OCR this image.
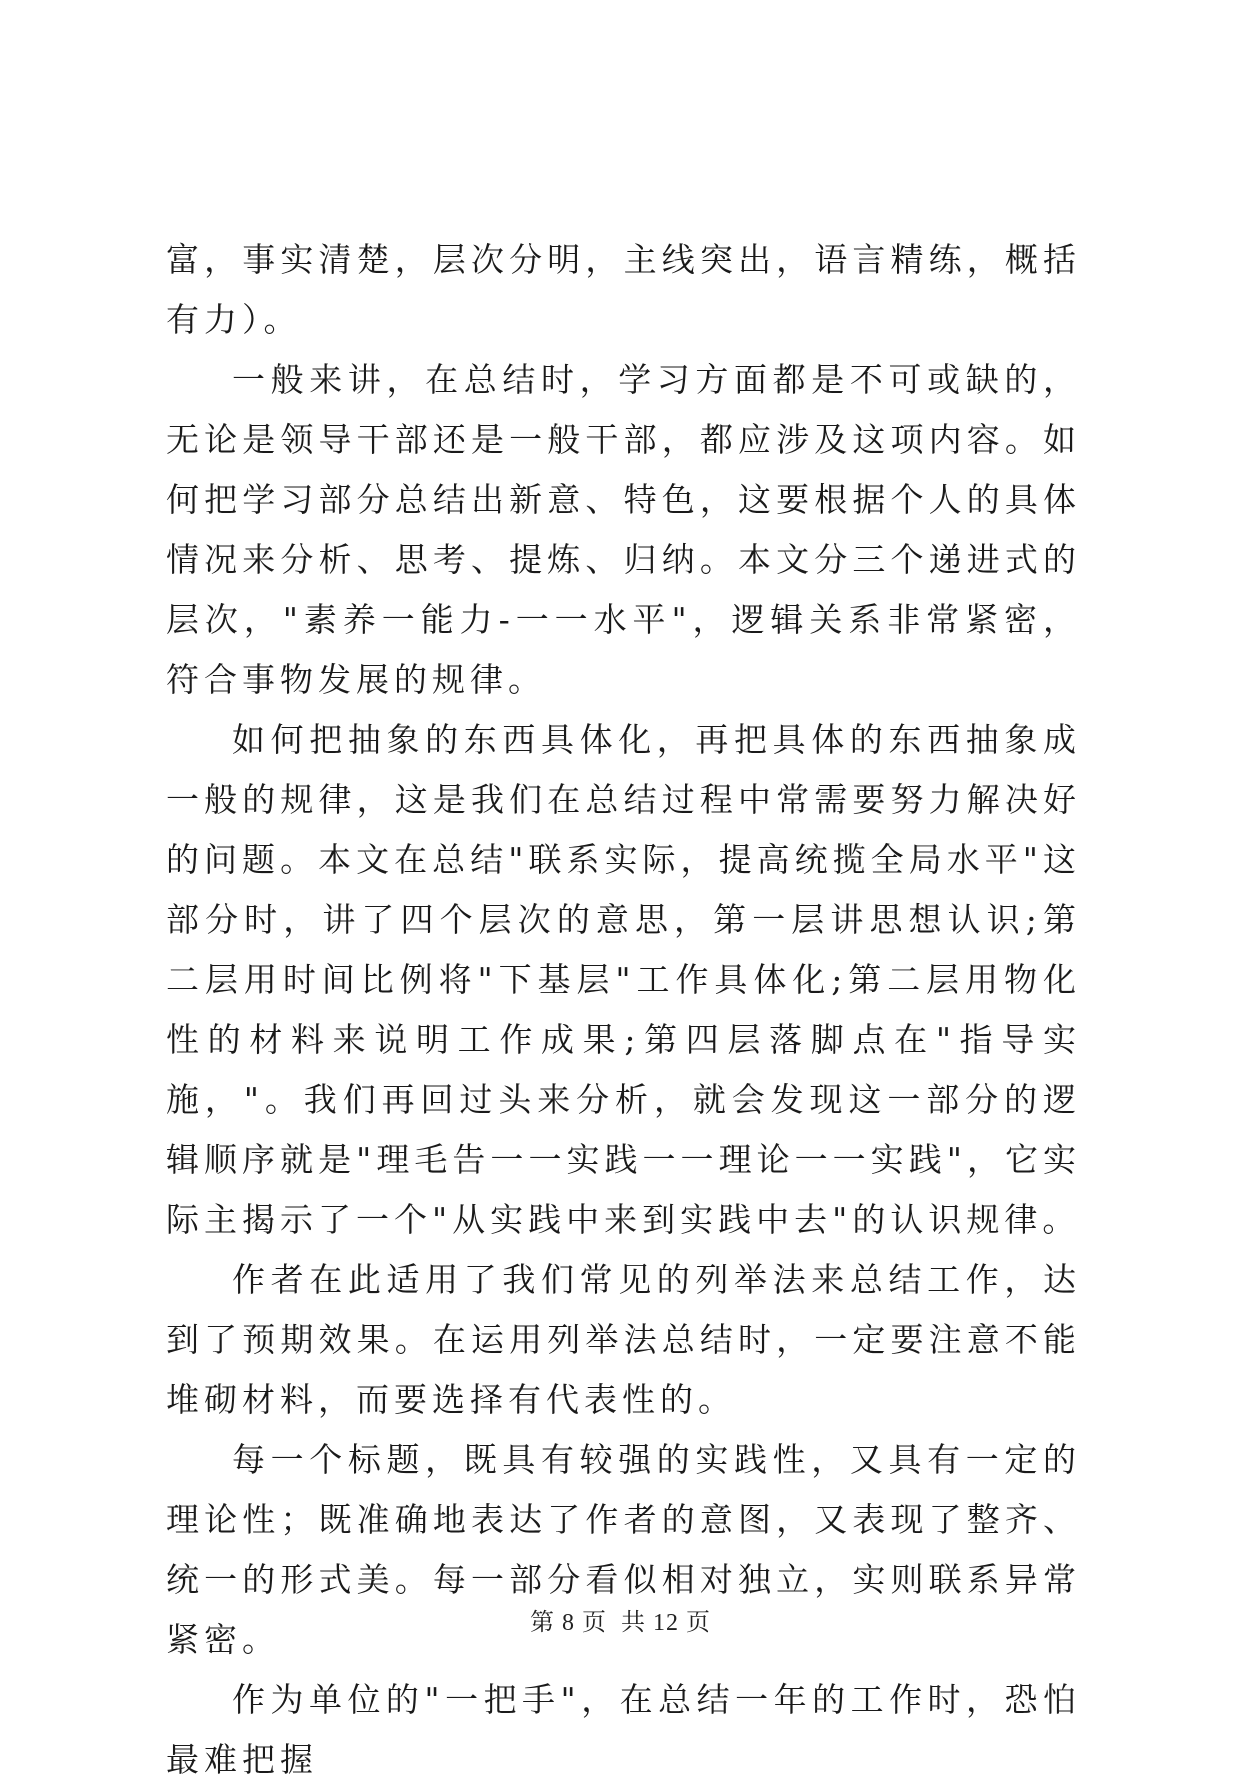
富，事实清楚，层次分明，主线突出，语言精练，概括有力）。

一般来讲，在总结时，学习方面都是不可或缺的，无论是领导干部还是一般干部，都应涉及这项内容。如何把学习部分总结出新意、特色，这要根据个人的具体情况来分析、思考、提炼、归纳。本文分三个递进式的层次，"素养一能力-一一水平"，逻辑关系非常紧密，符合事物发展的规律。

如何把抽象的东西具体化，再把具体的东西抽象成一般的规律，这是我们在总结过程中常需要努力解决好的问题。本文在总结"联系实际，提高统揽全局水平"这部分时，讲了四个层次的意思，第一层讲思想认识;第二层用时间比例将"下基层"工作具体化;第二层用物化性的材料来说明工作成果;第四层落脚点在"指导实施，"。我们再回过头来分析，就会发现这一部分的逻辑顺序就是"理毛告一一实践一一理论一一实践"，它实际主揭示了一个"从实践中来到实践中去"的认识规律。

作者在此适用了我们常见的列举法来总结工作，达到了预期效果。在运用列举法总结时，一定要注意不能堆砌材料，而要选择有代表性的。

每一个标题，既具有较强的实践性，又具有一定的理论性；既准确地表达了作者的意图，又表现了整齐、统一的形式美。每一部分看似相对独立，实则联系异常紧密。

作为单位的"一把手"，在总结一年的工作时，恐怕最难把握

第 8 页  共 12 页
